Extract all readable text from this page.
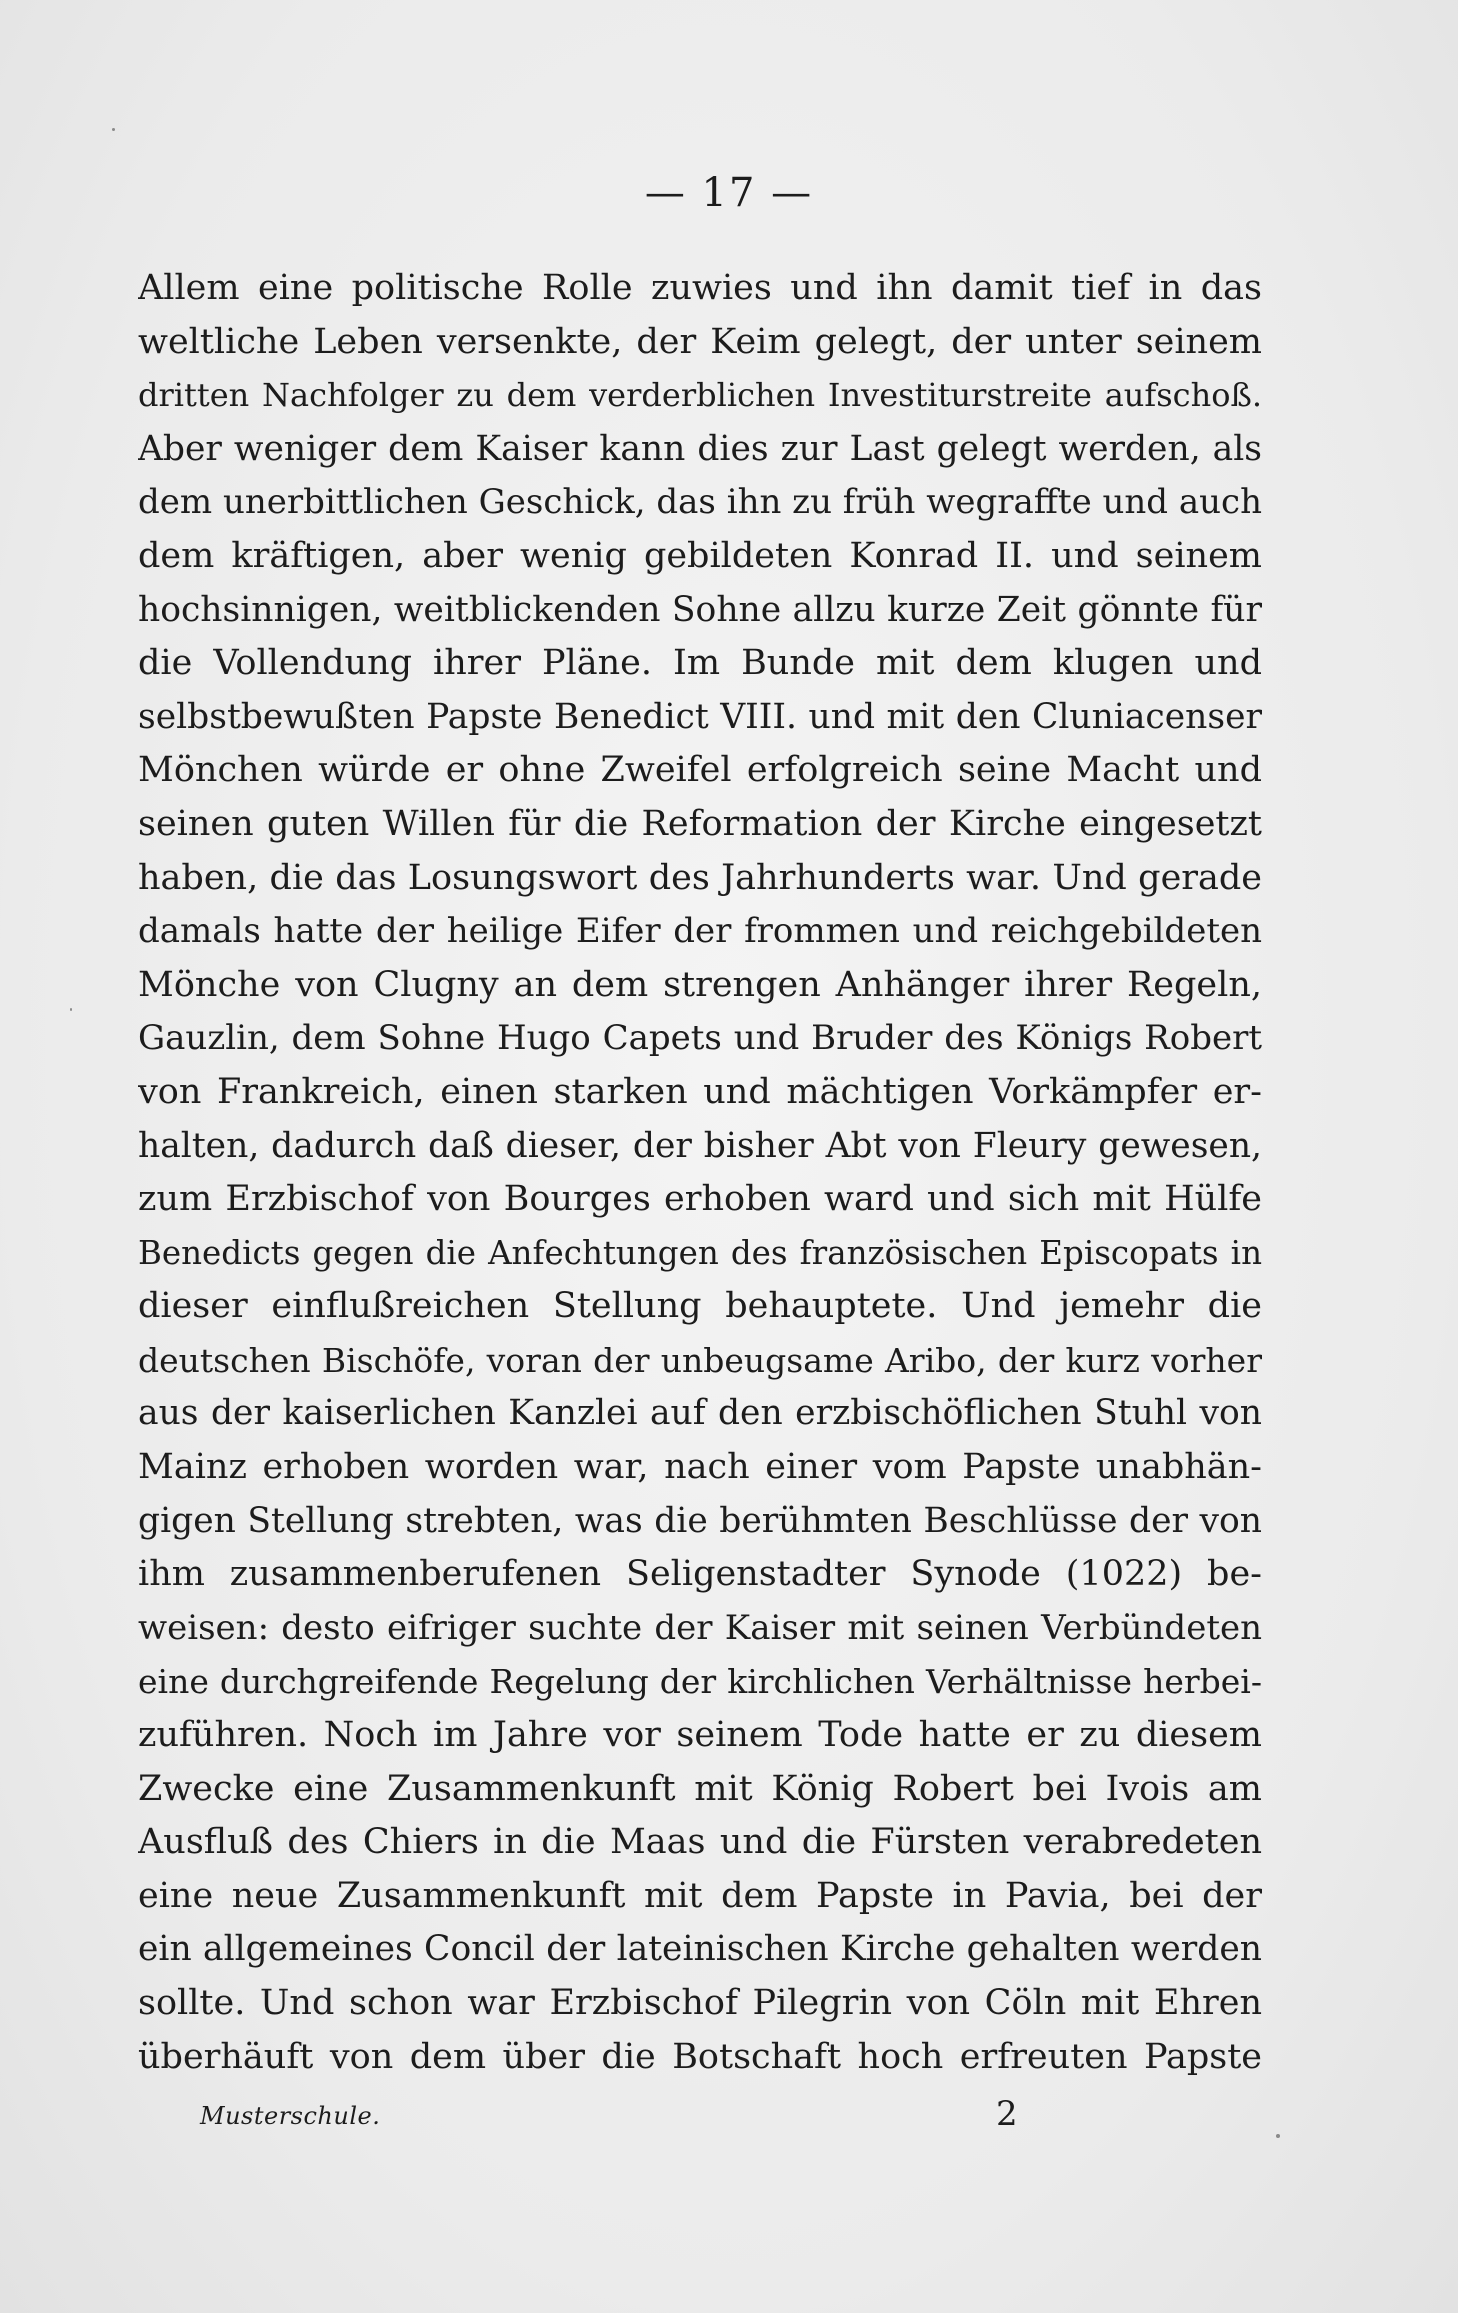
— 17 —
Allem eine politische Rolle zuwies und ihn damit tief in das
weltliche Leben versenkte, der Keim gelegt, der unter seinem
dritten Nachfolger zu dem verderblichen Investiturstreite aufschoß.
Aber weniger dem Kaiser kann dies zur Last gelegt werden, als
dem unerbittlichen Geschick, das ihn zu früh wegraffte und auch
dem kräftigen, aber wenig gebildeten Konrad II. und seinem
hochsinnigen, weitblickenden Sohne allzu kurze Zeit gönnte für
die Vollendung ihrer Pläne. Im Bunde mit dem klugen und
selbstbewußten Papste Benedict VIII. und mit den Cluniacenser
Mönchen würde er ohne Zweifel erfolgreich seine Macht und
seinen guten Willen für die Reformation der Kirche eingesetzt
haben, die das Losungswort des Jahrhunderts war. Und gerade
damals hatte der heilige Eifer der frommen und reichgebildeten
Mönche von Clugny an dem strengen Anhänger ihrer Regeln,
Gauzlin, dem Sohne Hugo Capets und Bruder des Königs Robert
von Frankreich, einen starken und mächtigen Vorkämpfer er-
halten, dadurch daß dieser, der bisher Abt von Fleury gewesen,
zum Erzbischof von Bourges erhoben ward und sich mit Hülfe
Benedicts gegen die Anfechtungen des französischen Episcopats in
dieser einflußreichen Stellung behauptete. Und jemehr die
deutschen Bischöfe, voran der unbeugsame Aribo, der kurz vorher
aus der kaiserlichen Kanzlei auf den erzbischöflichen Stuhl von
Mainz erhoben worden war, nach einer vom Papste unabhän-
gigen Stellung strebten, was die berühmten Beschlüsse der von
ihm zusammenberufenen Seligenstadter Synode (1022) be-
weisen: desto eifriger suchte der Kaiser mit seinen Verbündeten
eine durchgreifende Regelung der kirchlichen Verhältnisse herbei-
zuführen. Noch im Jahre vor seinem Tode hatte er zu diesem
Zwecke eine Zusammenkunft mit König Robert bei Ivois am
Ausfluß des Chiers in die Maas und die Fürsten verabredeten
eine neue Zusammenkunft mit dem Papste in Pavia, bei der
ein allgemeines Concil der lateinischen Kirche gehalten werden
sollte. Und schon war Erzbischof Pilegrin von Cöln mit Ehren
überhäuft von dem über die Botschaft hoch erfreuten Papste
Musterschule.	2
